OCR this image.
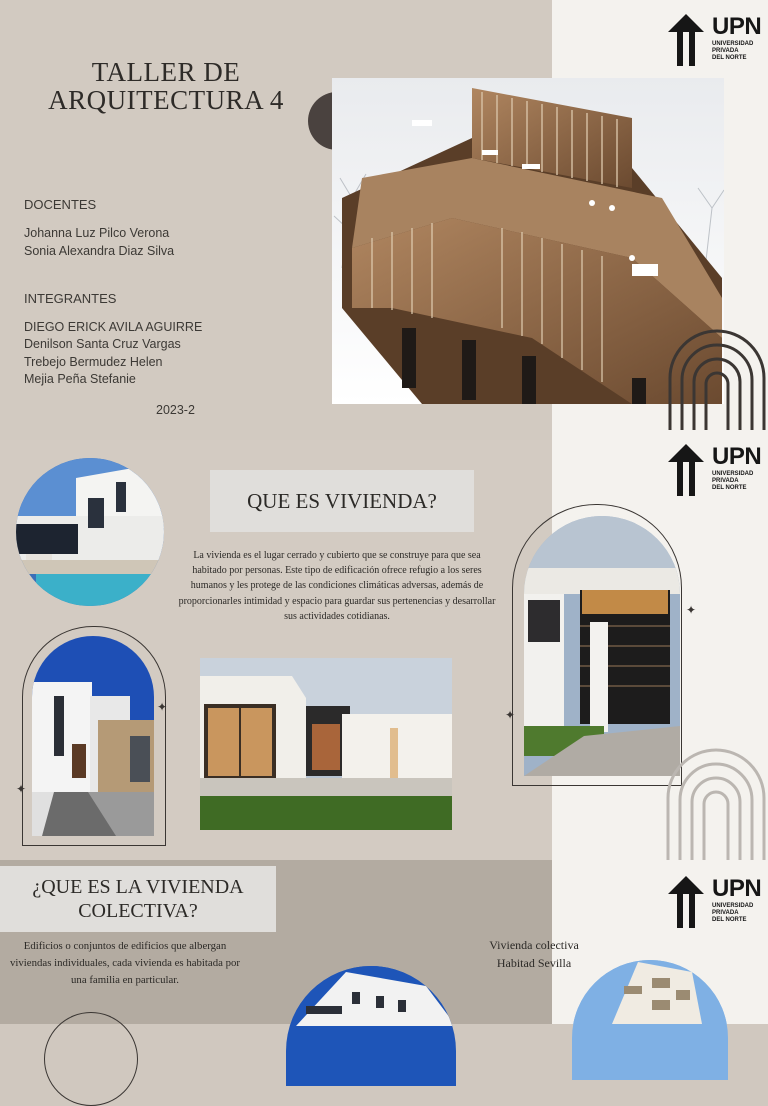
TALLER DE
ARQUITECTURA 4
DOCENTES
Johanna Luz Pilco Verona
Sonia Alexandra Diaz Silva
INTEGRANTES
DIEGO ERICK AVILA AGUIRRE
Denilson Santa Cruz Vargas
Trebejo Bermudez Helen
Mejia Peña Stefanie
2023-2
UPN
UNIVERSIDAD
PRIVADA
DEL NORTE
UPN
UNIVERSIDAD
PRIVADA
DEL NORTE
UPN
UNIVERSIDAD
PRIVADA
DEL NORTE
QUE ES VIVIENDA?
La vivienda es el lugar cerrado y cubierto que se construye para que sea habitado por personas. Este tipo de edificación ofrece refugio a los seres humanos y les protege de las condiciones climáticas adversas, además de proporcionarles intimidad y espacio para guardar sus pertenencias y desarrollar sus actividades cotidianas.
✦
✦
✦
✦
¿QUE ES LA VIVIENDA
COLECTIVA?
Edificios o conjuntos de edificios que albergan viviendas individuales, cada vivienda es habitada por una familia en particular.
Vivienda colectiva
Habitad Sevilla
